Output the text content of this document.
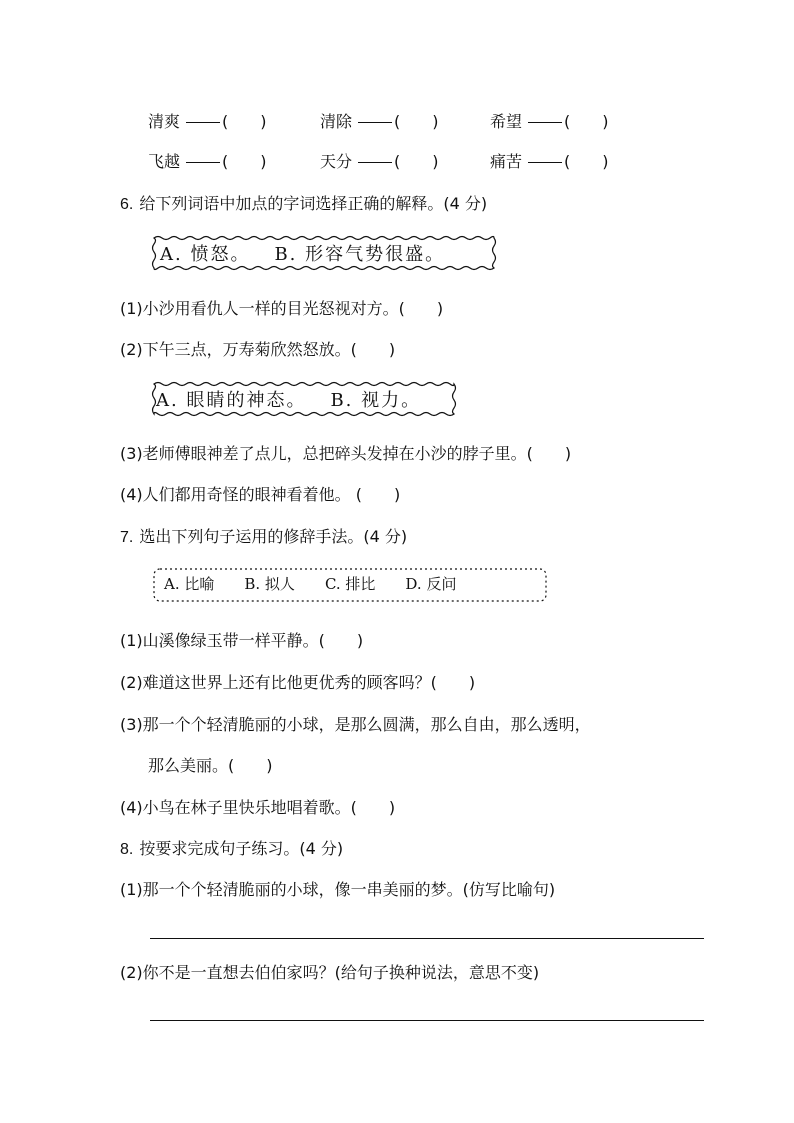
清爽	(　　)	清除	(　　)	希望	(　　)
飞越	(　　)	天分	(　　)	痛苦	(　　)
6. 给下列词语中加点的字词选择正确的解释。(4 分)
A. 愤怒。 B. 形容气势很盛。
(1)小沙用看仇人一样的目光怒视对方。(　　)
(2)下午三点，万寿菊欣然怒放。(　　)
A. 眼睛的神态。 B. 视力。
(3)老师傅眼神差了点儿，总把碎头发掉在小沙的脖子里。(　　)
(4)人们都用奇怪的眼神看着他。 (　　)
7. 选出下列句子运用的修辞手法。(4 分)
A. 比喻 B. 拟人 C. 排比 D. 反问
(1)山溪像绿玉带一样平静。(　　)
(2)难道这世界上还有比他更优秀的顾客吗？(　　)
(3)那一个个轻清脆丽的小球，是那么圆满，那么自由，那么透明，
那么美丽。(　　)
(4)小鸟在林子里快乐地唱着歌。(　　)
8. 按要求完成句子练习。(4 分)
(1)那一个个轻清脆丽的小球，像一串美丽的梦。(仿写比喻句)
(2)你不是一直想去伯伯家吗？(给句子换种说法，意思不变)
